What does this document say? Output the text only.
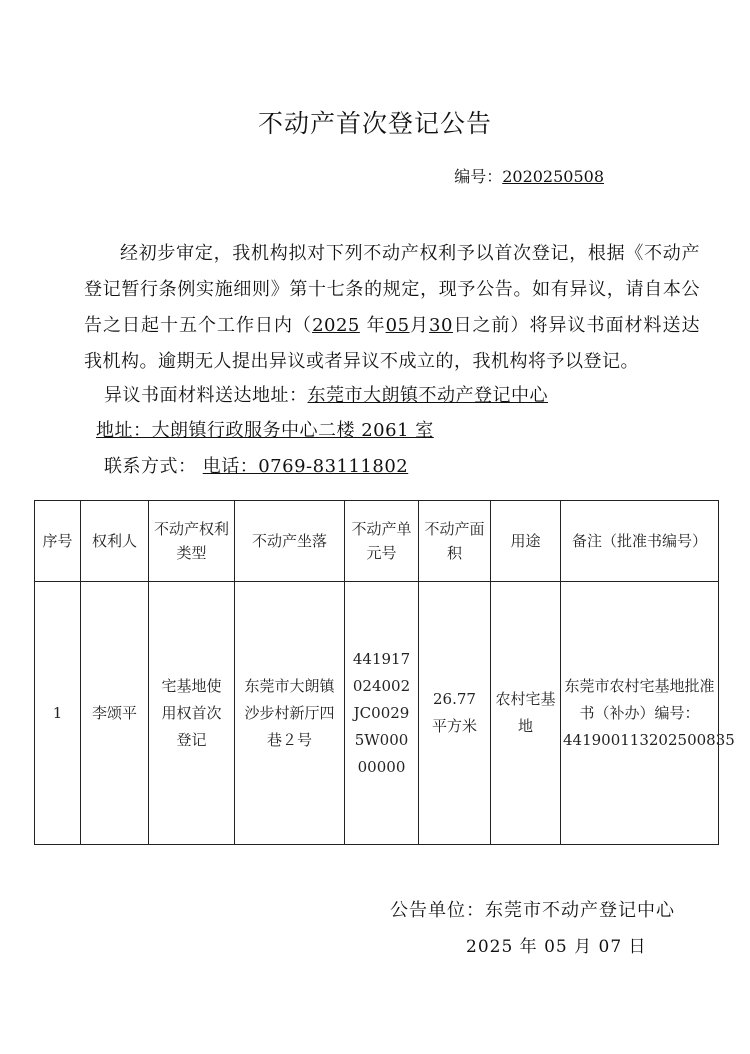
不动产首次登记公告
编号：2020250508

经初步审定，我机构拟对下列不动产权利予以首次登记，根据《不动产登记暂行条例实施细则》第十七条的规定，现予公告。如有异议，请自本公告之日起十五个工作日内（2025 年05月30日之前）将异议书面材料送达我机构。逾期无人提出异议或者异议不成立的，我机构将予以登记。

异议书面材料送达地址：东莞市大朗镇不动产登记中心
地址：大朗镇行政服务中心二楼 2061 室
联系方式： 电话：0769-83111802
序号	权利人	不动产权利类型	不动产坐落	不动产单元号	不动产面积	用途	备注（批准书编号）
1	李颂平	宅基地使用权首次登记	东莞市大朗镇沙步村新厅四巷２号	441917024002JC00295W00000000	26.77平方米	农村宅基地	东莞市农村宅基地批准书（补办）编号：441900113202500835
公告单位：东莞市不动产登记中心
2025 年 05 月 07 日
